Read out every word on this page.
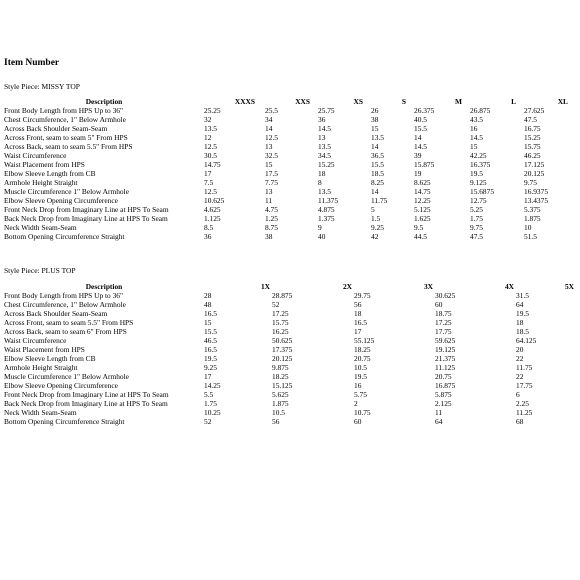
Item Number
Style Piece: MISSY TOP
Description	XXXS	XXS	XS	S	M	L	XL
Front Body Length from HPS Up to 36"	25.25	25.5	25.75	26	26.375	26.875	27.625
Chest Circumference, 1" Below Armhole	32	34	36	38	40.5	43.5	47.5
Across Back Shoulder Seam-Seam	13.5	14	14.5	15	15.5	16	16.75
Across Front, seam to seam 5" From HPS	12	12.5	13	13.5	14	14.5	15.25
Across Back, seam to seam 5.5" From HPS	12.5	13	13.5	14	14.5	15	15.75
Waist Circumference	30.5	32.5	34.5	36.5	39	42.25	46.25
Waist Placement from HPS	14.75	15	15.25	15.5	15.875	16.375	17.125
Elbow Sleeve Length from CB	17	17.5	18	18.5	19	19.5	20.125
Armhole Height Straight	7.5	7.75	8	8.25	8.625	9.125	9.75
Muscle Circumference 1" Below Armhole	12.5	13	13.5	14	14.75	15.6875	16.9375
Elbow Sleeve Opening Circumference	10.625	11	11.375	11.75	12.25	12.75	13.4375
Front Neck Drop from Imaginary Line at HPS To Seam	4.625	4.75	4.875	5	5.125	5.25	5.375
Back Neck Drop from Imaginary Line at HPS To Seam	1.125	1.25	1.375	1.5	1.625	1.75	1.875
Neck Width Seam-Seam	8.5	8.75	9	9.25	9.5	9.75	10
Bottom Opening Circumference Straight	36	38	40	42	44.5	47.5	51.5
Style Piece: PLUS TOP
Description	1X	2X	3X	4X	5X
Front Body Length from HPS Up to 36"	28	28.875	29.75	30.625	31.5
Chest Circumference, 1" Below Armhole	48	52	56	60	64
Across Back Shoulder Seam-Seam	16.5	17.25	18	18.75	19.5
Across Front, seam to seam 5.5" From HPS	15	15.75	16.5	17.25	18
Across Back, seam to seam 6" From HPS	15.5	16.25	17	17.75	18.5
Waist Circumference	46.5	50.625	55.125	59.625	64.125
Waist Placement from HPS	16.5	17.375	18.25	19.125	20
Elbow Sleeve Length from CB	19.5	20.125	20.75	21.375	22
Armhole Height Straight	9.25	9.875	10.5	11.125	11.75
Muscle Circumference 1" Below Armhole	17	18.25	19.5	20.75	22
Elbow Sleeve Opening Circumference	14.25	15.125	16	16.875	17.75
Front Neck Drop from Imaginary Line at HPS To Seam	5.5	5.625	5.75	5.875	6
Back Neck Drop from Imaginary Line at HPS To Seam	1.75	1.875	2	2.125	2.25
Neck Width Seam-Seam	10.25	10.5	10.75	11	11.25
Bottom Opening Circumference Straight	52	56	60	64	68
